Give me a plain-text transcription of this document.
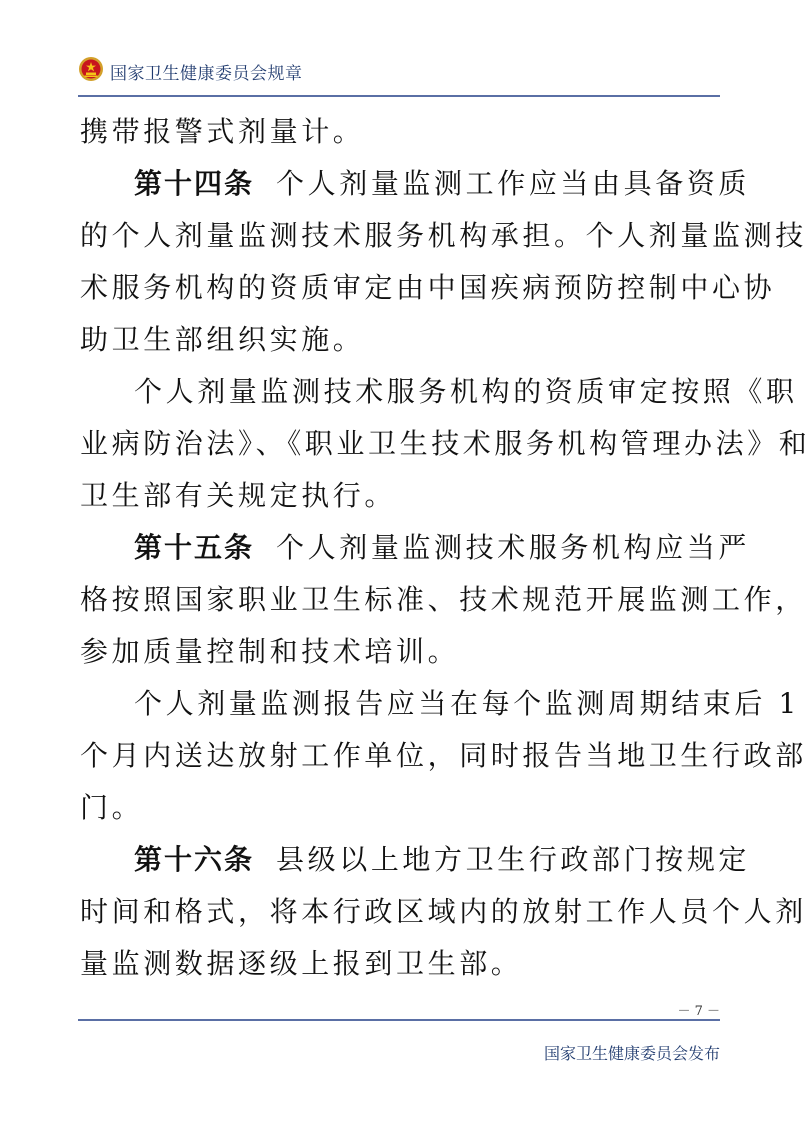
国家卫生健康委员会规章
携带报警式剂量计。
第十四条 个人剂量监测工作应当由具备资质
的个人剂量监测技术服务机构承担。个人剂量监测技
术服务机构的资质审定由中国疾病预防控制中心协
助卫生部组织实施。
个人剂量监测技术服务机构的资质审定按照《职
业病防治法》、《职业卫生技术服务机构管理办法》和
卫生部有关规定执行。
第十五条 个人剂量监测技术服务机构应当严
格按照国家职业卫生标准、技术规范开展监测工作，
参加质量控制和技术培训。
个人剂量监测报告应当在每个监测周期结束后 1
个月内送达放射工作单位，同时报告当地卫生行政部
门。
第十六条 县级以上地方卫生行政部门按规定
时间和格式，将本行政区域内的放射工作人员个人剂
量监测数据逐级上报到卫生部。
－ 7 －
国家卫生健康委员会发布
